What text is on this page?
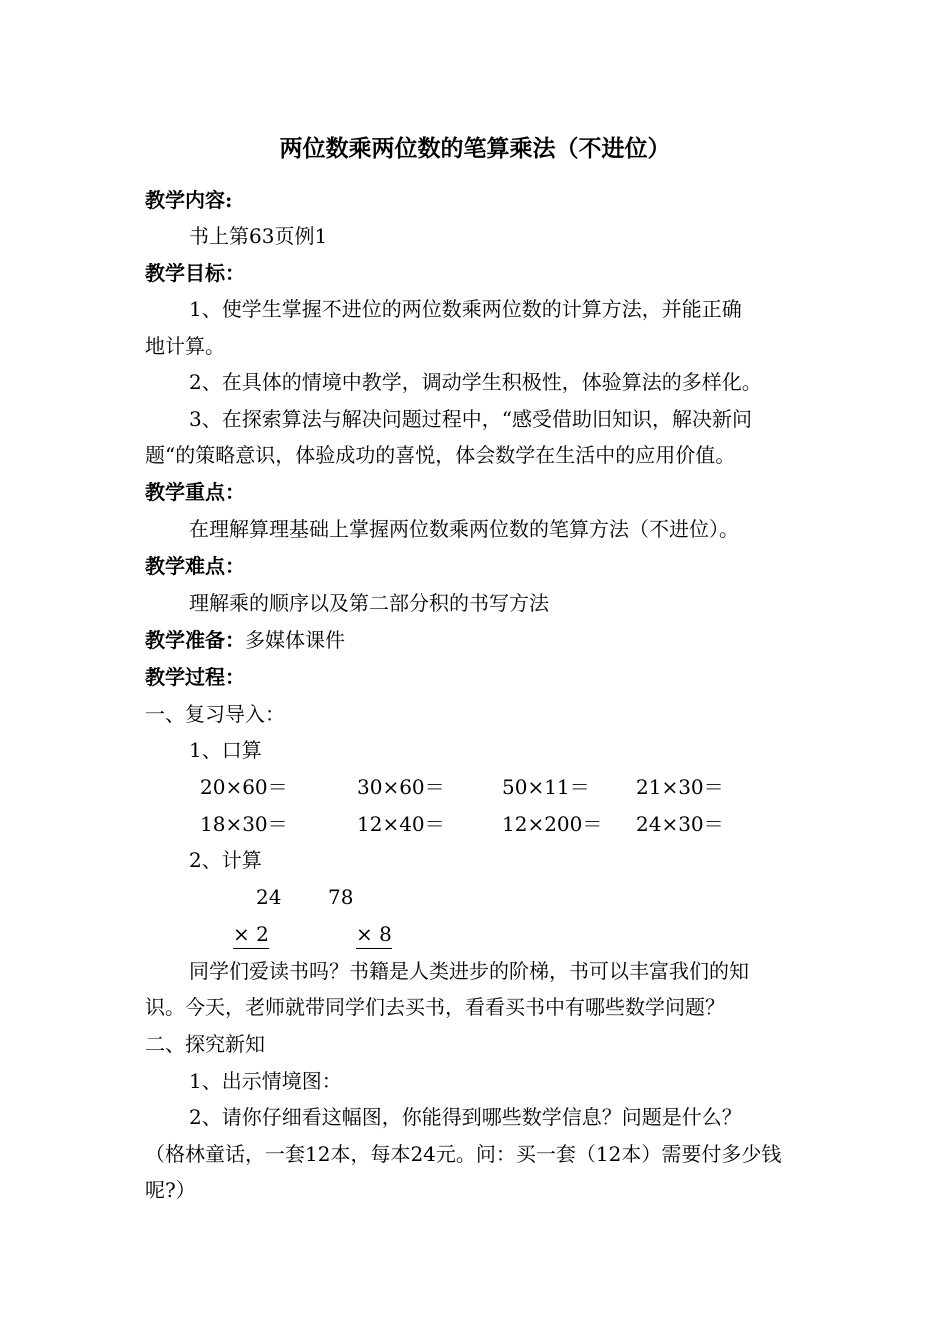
两位数乘两位数的笔算乘法（不进位）
教学内容:
书上第63页例1
教学目标：
1、使学生掌握不进位的两位数乘两位数的计算方法，并能正确
地计算。
2、在具体的情境中教学，调动学生积极性，体验算法的多样化。
3、在探索算法与解决问题过程中，“感受借助旧知识，解决新问
题“的策略意识，体验成功的喜悦，体会数学在生活中的应用价值。
教学重点：
在理解算理基础上掌握两位数乘两位数的笔算方法（不进位）。
教学难点：
理解乘的顺序以及第二部分积的书写方法
教学准备：多媒体课件
教学过程：
一、复习导入：
1、口算
20×60＝	30×60＝	50×11＝ 21×30＝
18×30＝	12×40＝	12×200＝ 24×30＝
2、计算
24 78
× 2	× 8
同学们爱读书吗？书籍是人类进步的阶梯，书可以丰富我们的知
识。今天，老师就带同学们去买书，看看买书中有哪些数学问题？
二、探究新知
1、出示情境图：
2、请你仔细看这幅图，你能得到哪些数学信息？问题是什么？
（格林童话，一套12本，每本24元。问：买一套（12本）需要付多少钱
呢?）
